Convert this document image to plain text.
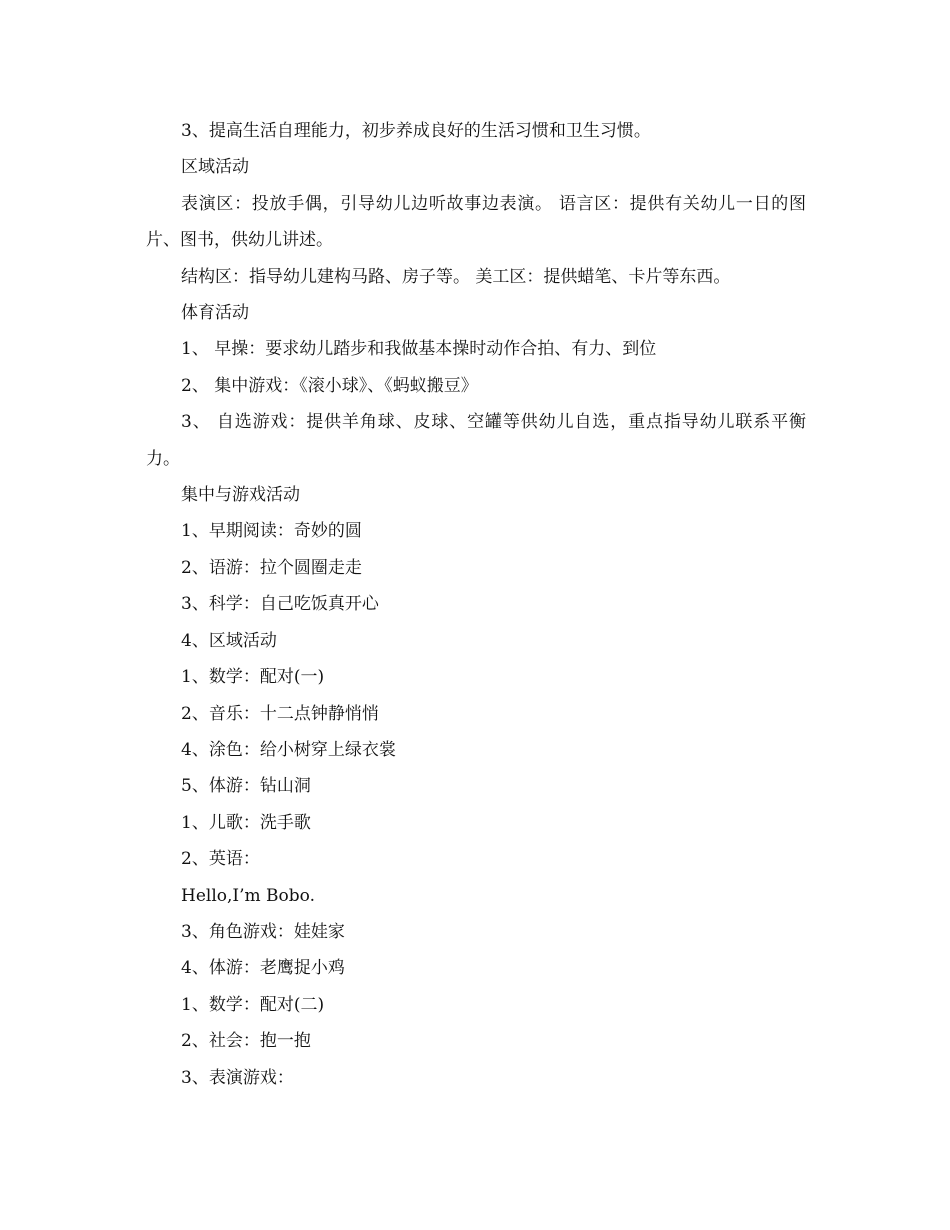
3、提高生活自理能力，初步养成良好的生活习惯和卫生习惯。

区域活动

表演区：投放手偶，引导幼儿边听故事边表演。 语言区：提供有关幼儿一日的图片、图书，供幼儿讲述。

结构区：指导幼儿建构马路、房子等。 美工区：提供蜡笔、卡片等东西。

体育活动

1、 早操：要求幼儿踏步和我做基本操时动作合拍、有力、到位

2、 集中游戏：《滚小球》、《蚂蚁搬豆》

3、 自选游戏：提供羊角球、皮球、空罐等供幼儿自选，重点指导幼儿联系平衡力。

集中与游戏活动

1、早期阅读：奇妙的圆

2、语游：拉个圆圈走走

3、科学：自己吃饭真开心

4、区域活动

1、数学：配对(一)

2、音乐：十二点钟静悄悄

4、涂色：给小树穿上绿衣裳

5、体游：钻山洞

1、儿歌：洗手歌

2、英语：

Hello,I’m Bobo.

3、角色游戏：娃娃家

4、体游：老鹰捉小鸡

1、数学：配对(二)

2、社会：抱一抱

3、表演游戏：
